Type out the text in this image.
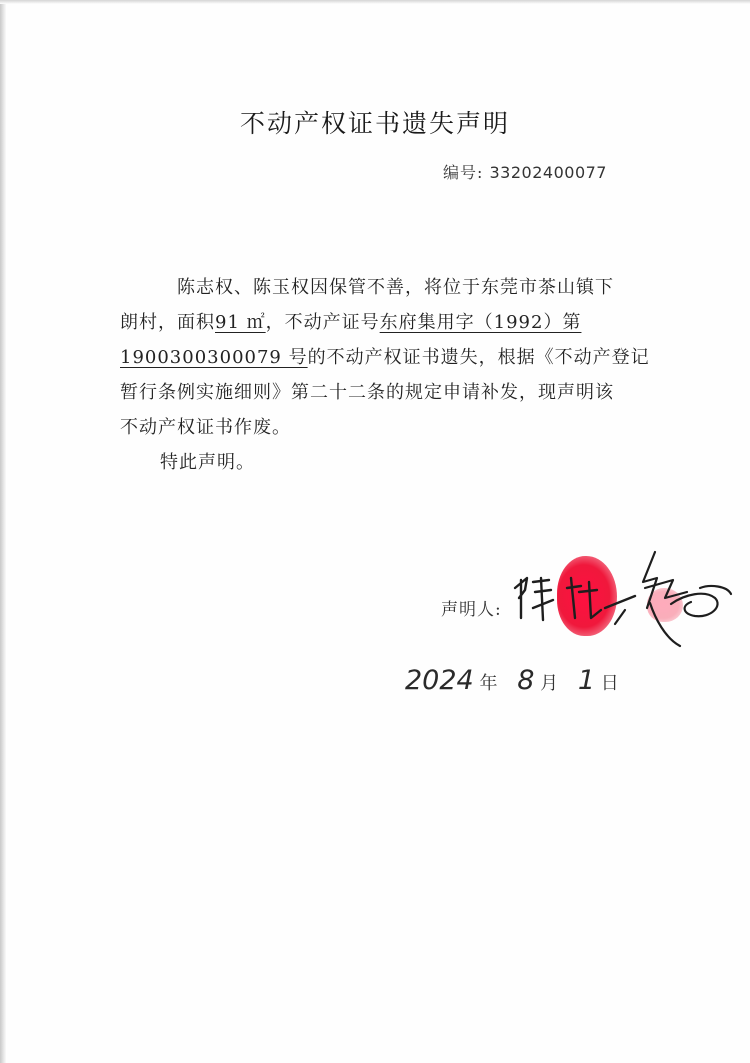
不动产权证书遗失声明
编号: 33202400077
陈志权、陈玉权因保管不善，将位于东莞市茶山镇下
朗村，面积91 ㎡，不动产证号东府集用字（1992）第
1900300300079 号的不动产权证书遗失，根据《不动产登记
暂行条例实施细则》第二十二条的规定申请补发，现声明该
不动产权证书作废。
特此声明。
声明人:
2024 年 8 月 1 日
